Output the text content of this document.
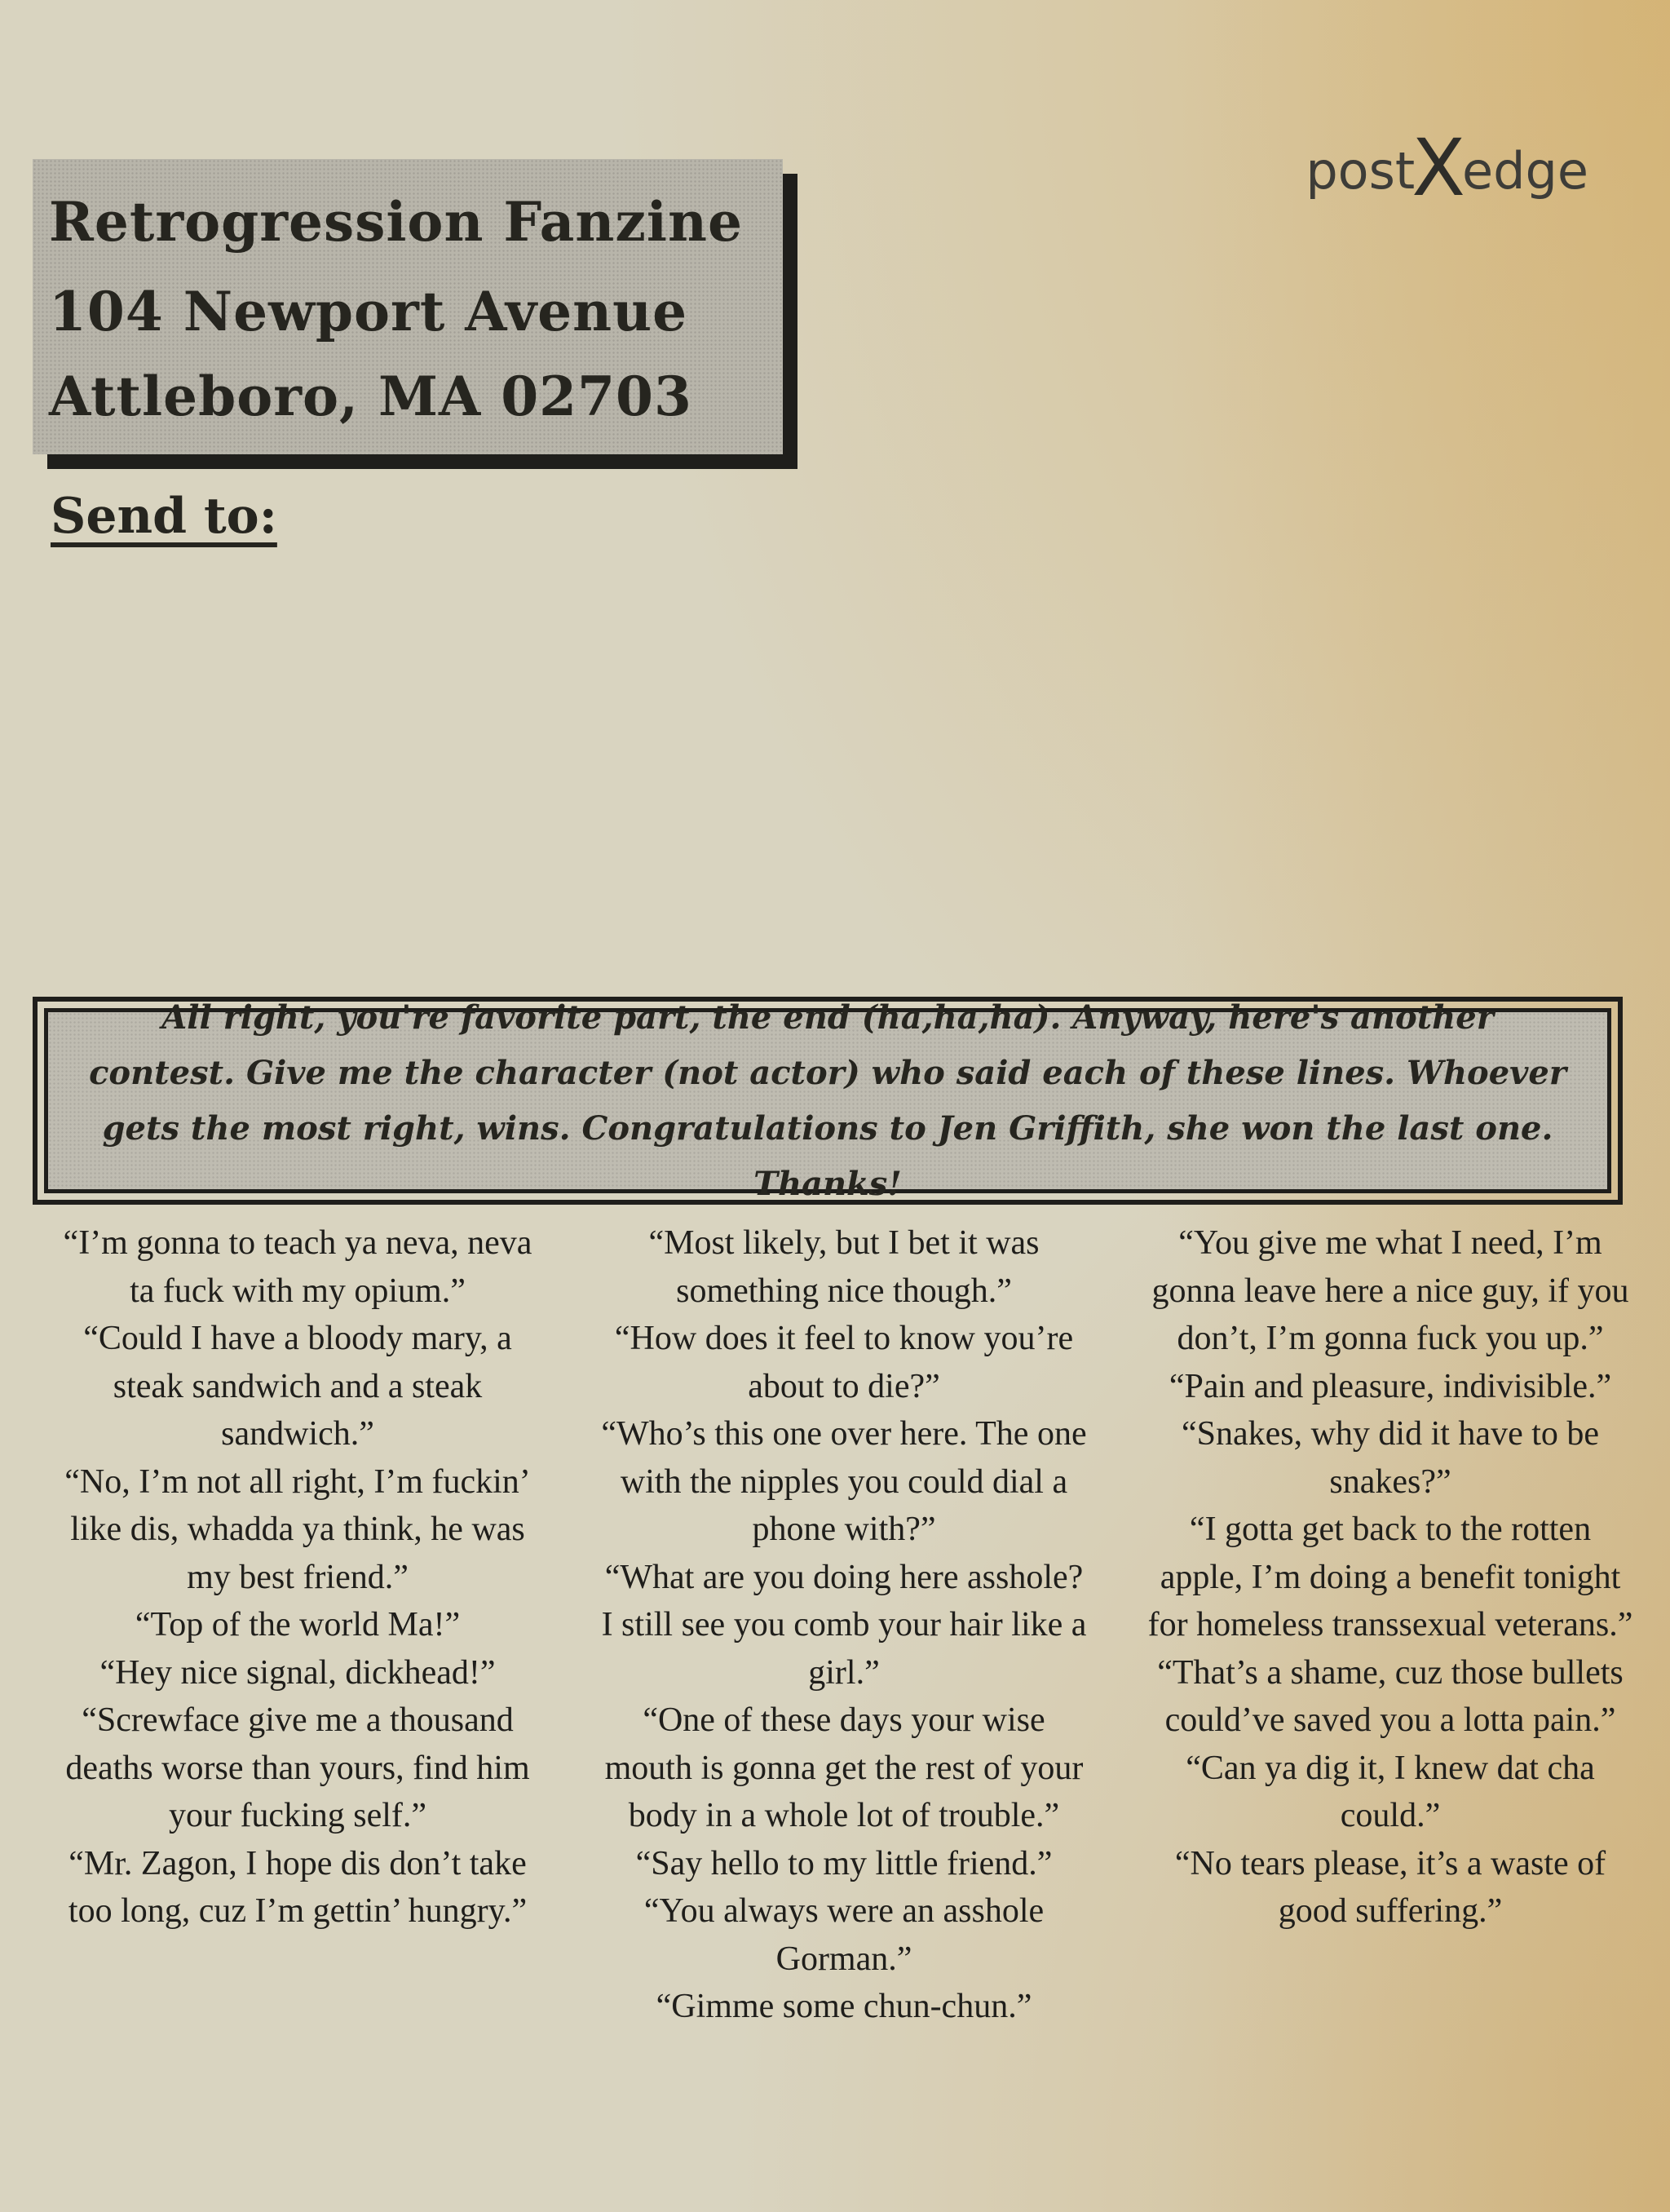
Retrogression Fanzine
104 Newport Avenue
Attleboro, MA 02703
Send to:
postXedge
All right, you're favorite part, the end (ha,ha,ha). Anyway, here's another contest. Give me the character (not actor) who said each of these lines. Whoever gets the most right, wins. Congratulations to Jen Griffith, she won the last one. Thanks!

“I’m gonna to teach ya neva, neva ta fuck with my opium.”

“Could I have a bloody mary, a steak sandwich and a steak sandwich.”

“No, I’m not all right, I’m fuckin’ like dis, whadda ya think, he was my best friend.”

“Top of the world Ma!”

“Hey nice signal, dickhead!”

“Screwface give me a thousand deaths worse than yours, find him your fucking self.”

“Mr. Zagon, I hope dis don’t take too long, cuz I’m gettin’ hungry.”

“Most likely, but I bet it was something nice though.”

“How does it feel to know you’re about to die?”

“Who’s this one over here. The one with the nipples you could dial a phone with?”

“What are you doing here asshole? I still see you comb your hair like a girl.”

“One of these days your wise mouth is gonna get the rest of your body in a whole lot of trouble.”

“Say hello to my little friend.”

“You always were an asshole Gorman.”

“Gimme some chun-chun.”

“You give me what I need, I’m gonna leave here a nice guy, if you don’t, I’m gonna fuck you up.”

“Pain and pleasure, indivisible.”

“Snakes, why did it have to be snakes?”

“I gotta get back to the rotten apple, I’m doing a benefit tonight for homeless transsexual veterans.”

“That’s a shame, cuz those bullets could’ve saved you a lotta pain.”

“Can ya dig it, I knew dat cha could.”

“No tears please, it’s a waste of good suffering.”
